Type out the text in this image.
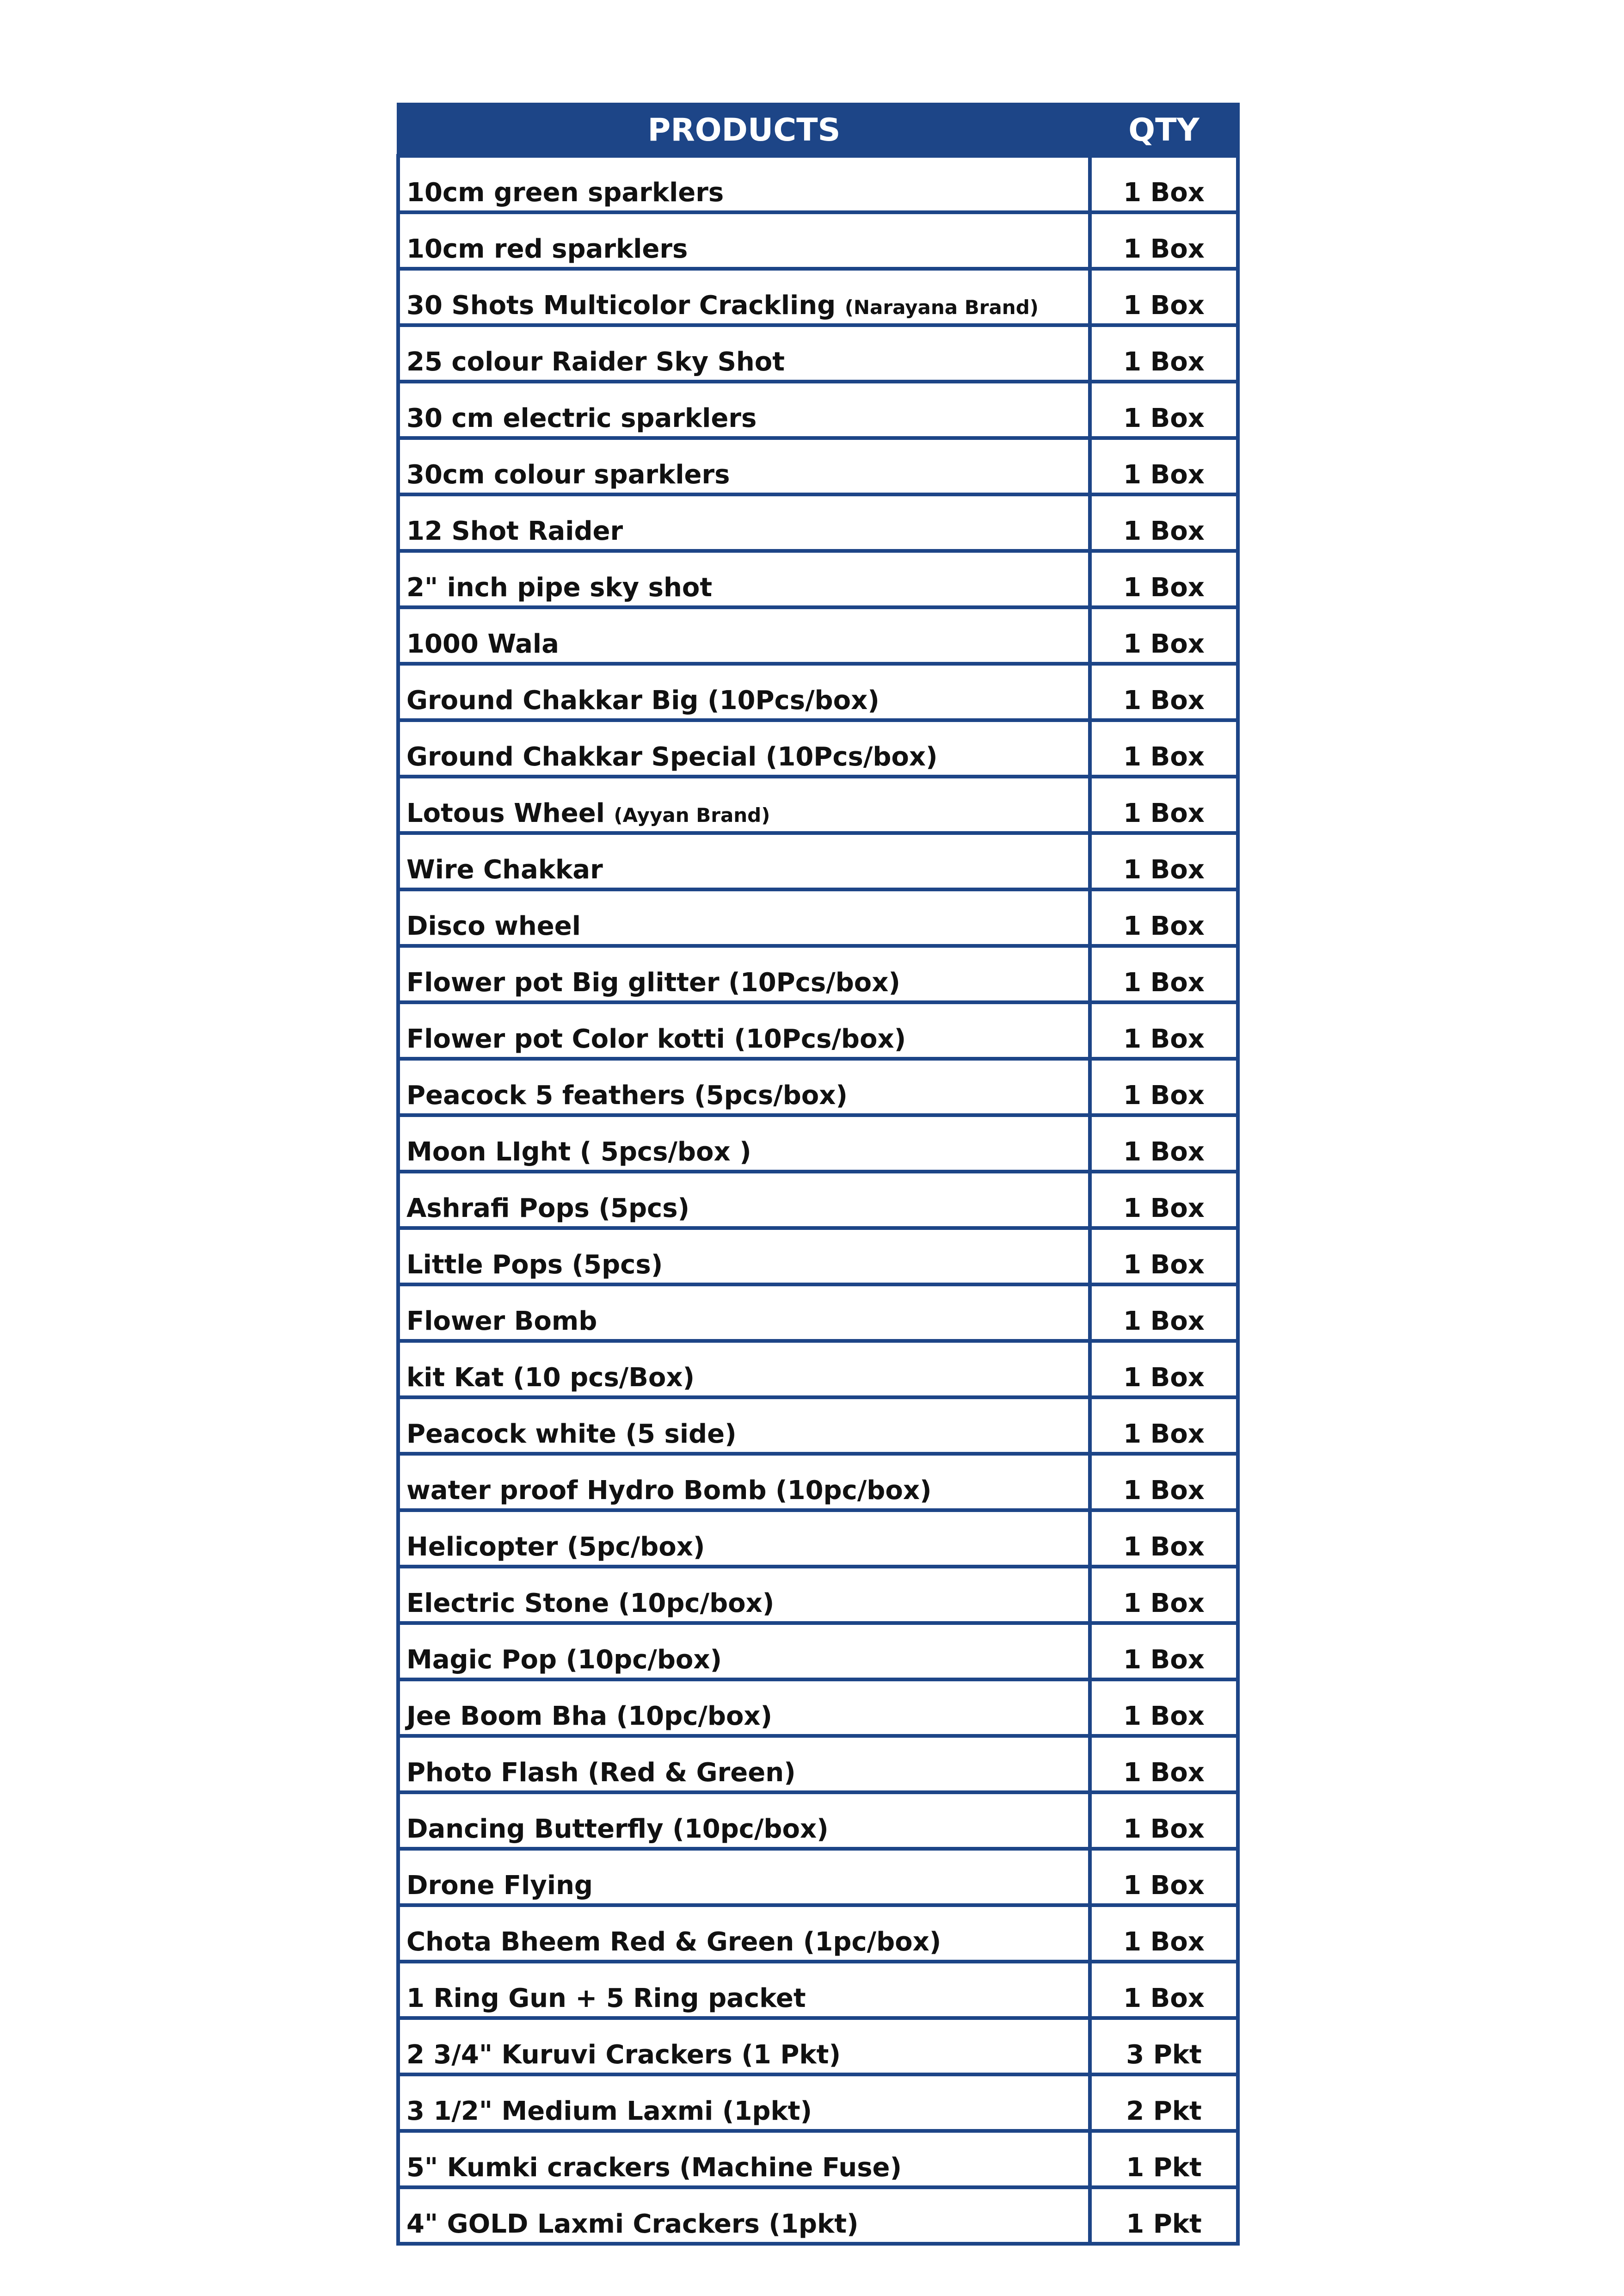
PRODUCTS	QTY
10cm green sparklers	1 Box
10cm red sparklers	1 Box
30 Shots Multicolor Crackling (Narayana Brand)	1 Box
25 colour Raider Sky Shot	1 Box
30 cm electric sparklers	1 Box
30cm colour sparklers	1 Box
12 Shot Raider	1 Box
2" inch pipe sky shot	1 Box
1000 Wala	1 Box
Ground Chakkar Big (10Pcs/box)	1 Box
Ground Chakkar Special (10Pcs/box)	1 Box
Lotous Wheel (Ayyan Brand)	1 Box
Wire Chakkar	1 Box
Disco wheel	1 Box
Flower pot Big glitter (10Pcs/box)	1 Box
Flower pot Color kotti (10Pcs/box)	1 Box
Peacock 5 feathers (5pcs/box)	1 Box
Moon LIght ( 5pcs/box )	1 Box
Ashrafi Pops (5pcs)	1 Box
Little Pops (5pcs)	1 Box
Flower Bomb	1 Box
kit Kat (10 pcs/Box)	1 Box
Peacock white (5 side)	1 Box
water proof Hydro Bomb (10pc/box)	1 Box
Helicopter (5pc/box)	1 Box
Electric Stone (10pc/box)	1 Box
Magic Pop (10pc/box)	1 Box
Jee Boom Bha (10pc/box)	1 Box
Photo Flash (Red & Green)	1 Box
Dancing Butterfly (10pc/box)	1 Box
Drone Flying	1 Box
Chota Bheem Red & Green (1pc/box)	1 Box
1 Ring Gun + 5 Ring packet	1 Box
2 3/4" Kuruvi Crackers (1 Pkt)	3 Pkt
3 1/2" Medium Laxmi (1pkt)	2 Pkt
5" Kumki crackers (Machine Fuse)	1 Pkt
4" GOLD Laxmi Crackers (1pkt)	1 Pkt
